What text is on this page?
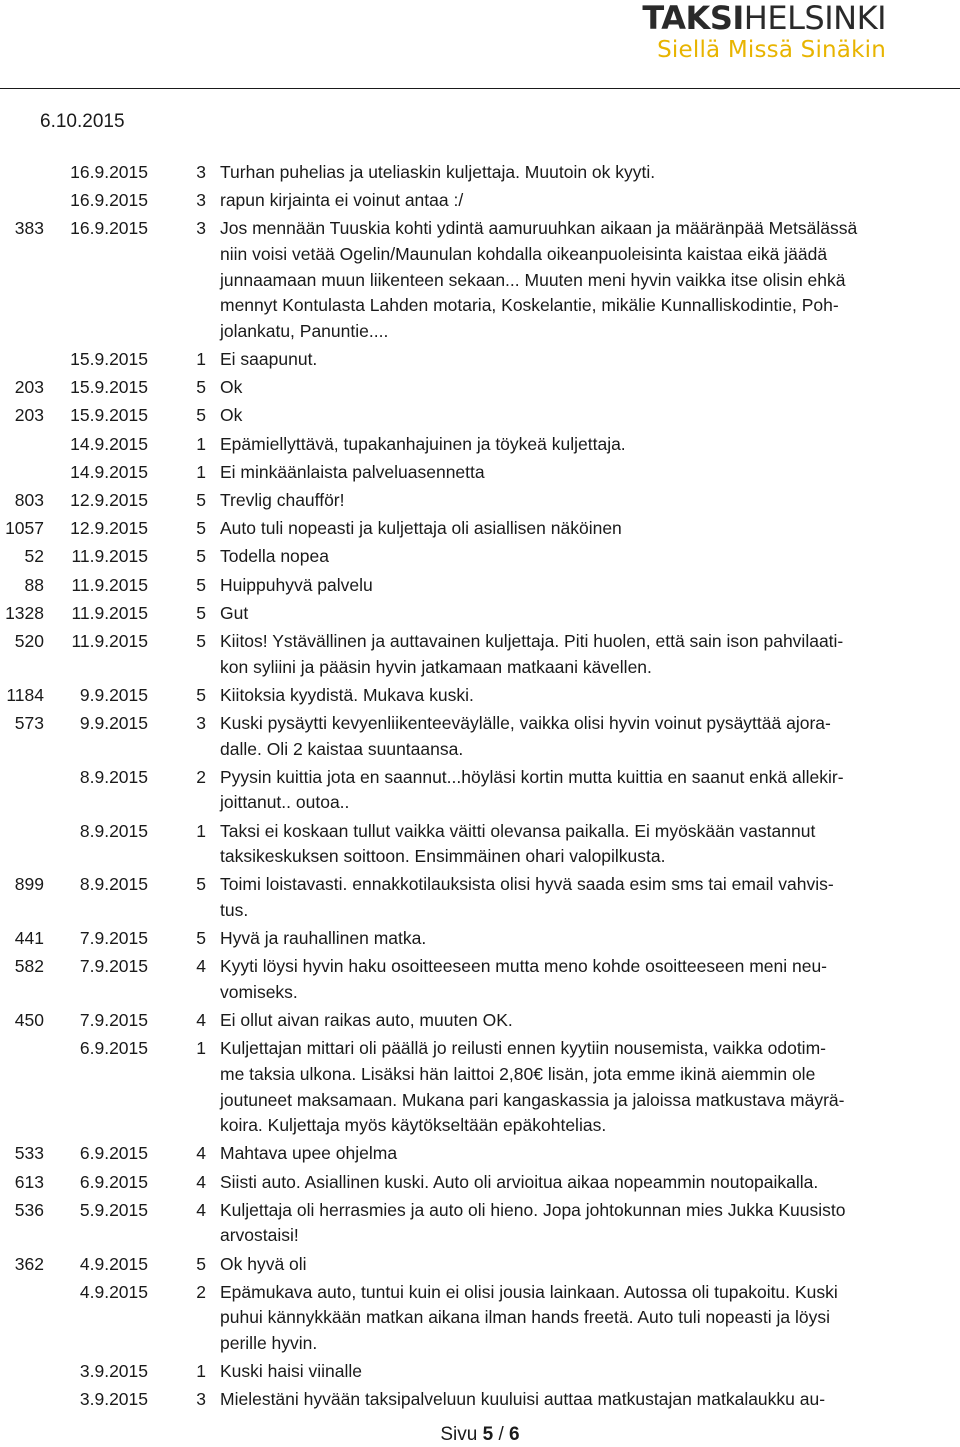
TAKSIHELSINKI
Siellä Missä Sinäkin
6.10.2015
16.9.2015	3 Turhan puhelias ja uteliaskin kuljettaja. Muutoin ok kyyti.
16.9.2015	3 rapun kirjainta ei voinut antaa :/
383	16.9.2015	3 Jos mennään Tuuskia kohti ydintä aamuruuhkan aikaan ja määränpää Metsälässä
niin voisi vetää Ogelin/Maunulan kohdalla oikeanpuoleisinta kaistaa eikä jäädä
junnaamaan muun liikenteen sekaan... Muuten meni hyvin vaikka itse olisin ehkä
mennyt Kontulasta Lahden motaria, Koskelantie, mikälie Kunnalliskodintie, Poh-
jolankatu, Panuntie....
15.9.2015	1 Ei saapunut.
203	15.9.2015	5 Ok
203	15.9.2015	5 Ok
14.9.2015	1 Epämiellyttävä, tupakanhajuinen ja töykeä kuljettaja.
14.9.2015	1 Ei minkäänlaista palveluasennetta
803	12.9.2015	5 Trevlig chaufför!
1057	12.9.2015	5 Auto tuli nopeasti ja kuljettaja oli asiallisen näköinen
52	11.9.2015	5 Todella nopea
88	11.9.2015	5 Huippuhyvä palvelu
1328	11.9.2015	5 Gut
520	11.9.2015	5 Kiitos! Ystävällinen ja auttavainen kuljettaja. Piti huolen, että sain ison pahvilaati-
kon syliini ja pääsin hyvin jatkamaan matkaani kävellen.
1184	9.9.2015	5 Kiitoksia kyydistä. Mukava kuski.
573	9.9.2015	3 Kuski pysäytti kevyenliikenteeväylälle, vaikka olisi hyvin voinut pysäyttää ajora-
dalle. Oli 2 kaistaa suuntaansa.
8.9.2015	2 Pyysin kuittia jota en saannut...höyläsi kortin mutta kuittia en saanut enkä allekir-
joittanut.. outoa..
8.9.2015	1 Taksi ei koskaan tullut vaikka väitti olevansa paikalla. Ei myöskään vastannut
taksikeskuksen soittoon. Ensimmäinen ohari valopilkusta.
899	8.9.2015	5 Toimi loistavasti. ennakkotilauksista olisi hyvä saada esim sms tai email vahvis-
tus.
441	7.9.2015	5 Hyvä ja rauhallinen matka.
582	7.9.2015	4 Kyyti löysi hyvin haku osoitteeseen mutta meno kohde osoitteeseen meni neu-
vomiseks.
450	7.9.2015	4 Ei ollut aivan raikas auto, muuten OK.
6.9.2015	1 Kuljettajan mittari oli päällä jo reilusti ennen kyytiin nousemista, vaikka odotim-
me taksia ulkona. Lisäksi hän laittoi 2,80€ lisän, jota emme ikinä aiemmin ole
joutuneet maksamaan. Mukana pari kangaskassia ja jaloissa matkustava mäyrä-
koira. Kuljettaja myös käytökseltään epäkohtelias.
533	6.9.2015	4 Mahtava upee ohjelma
613	6.9.2015	4 Siisti auto. Asiallinen kuski. Auto oli arvioitua aikaa nopeammin noutopaikalla.
536	5.9.2015	4 Kuljettaja oli herrasmies ja auto oli hieno. Jopa johtokunnan mies Jukka Kuusisto
arvostaisi!
362	4.9.2015	5 Ok hyvä oli
4.9.2015	2 Epämukava auto, tuntui kuin ei olisi jousia lainkaan. Autossa oli tupakoitu. Kuski
puhui kännykkään matkan aikana ilman hands freetä. Auto tuli nopeasti ja löysi
perille hyvin.
3.9.2015	1 Kuski haisi viinalle
3.9.2015	3 Mielestäni hyvään taksipalveluun kuuluisi auttaa matkustajan matkalaukku au-
Sivu 5 / 6
